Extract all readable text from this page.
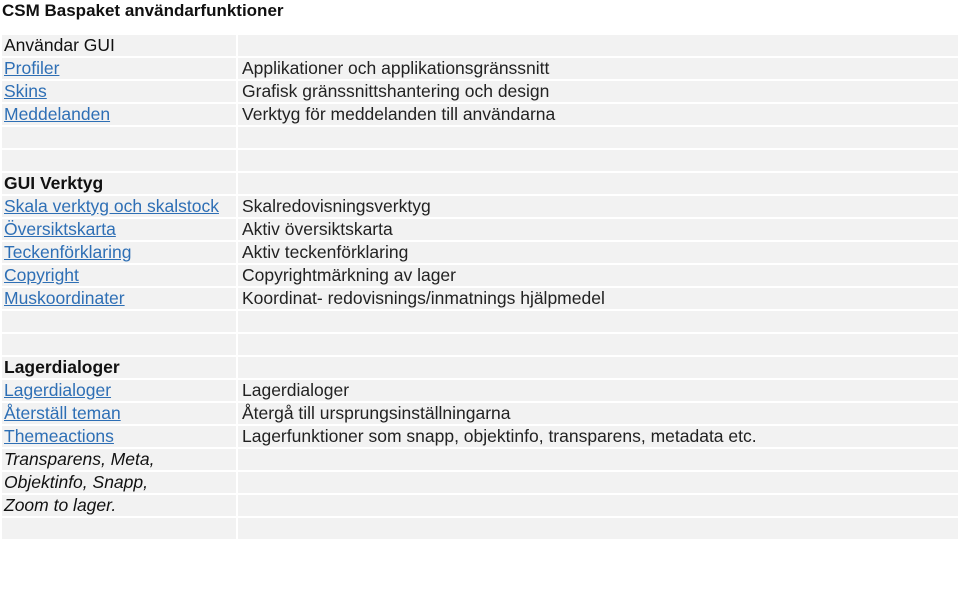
CSM Baspaket användarfunktioner
Användar GUI	
Profiler	Applikationer och applikationsgränssnitt
Skins	Grafisk gränssnittshantering och design
Meddelanden	Verktyg för meddelanden till användarna

GUI Verktyg	
Skala verktyg och skalstock	Skalredovisningsverktyg
Översiktskarta	Aktiv översiktskarta
Teckenförklaring	Aktiv teckenförklaring
Copyright	Copyrightmärkning av lager
Muskoordinater	Koordinat- redovisnings/inmatnings hjälpmedel

Lagerdialoger	
Lagerdialoger	Lagerdialoger
Återställ teman	Återgå till ursprungsinställningarna
Themeactions	Lagerfunktioner som snapp, objektinfo, transparens, metadata etc.
Transparens, Meta,	
Objektinfo, Snapp,	
Zoom to lager.	
